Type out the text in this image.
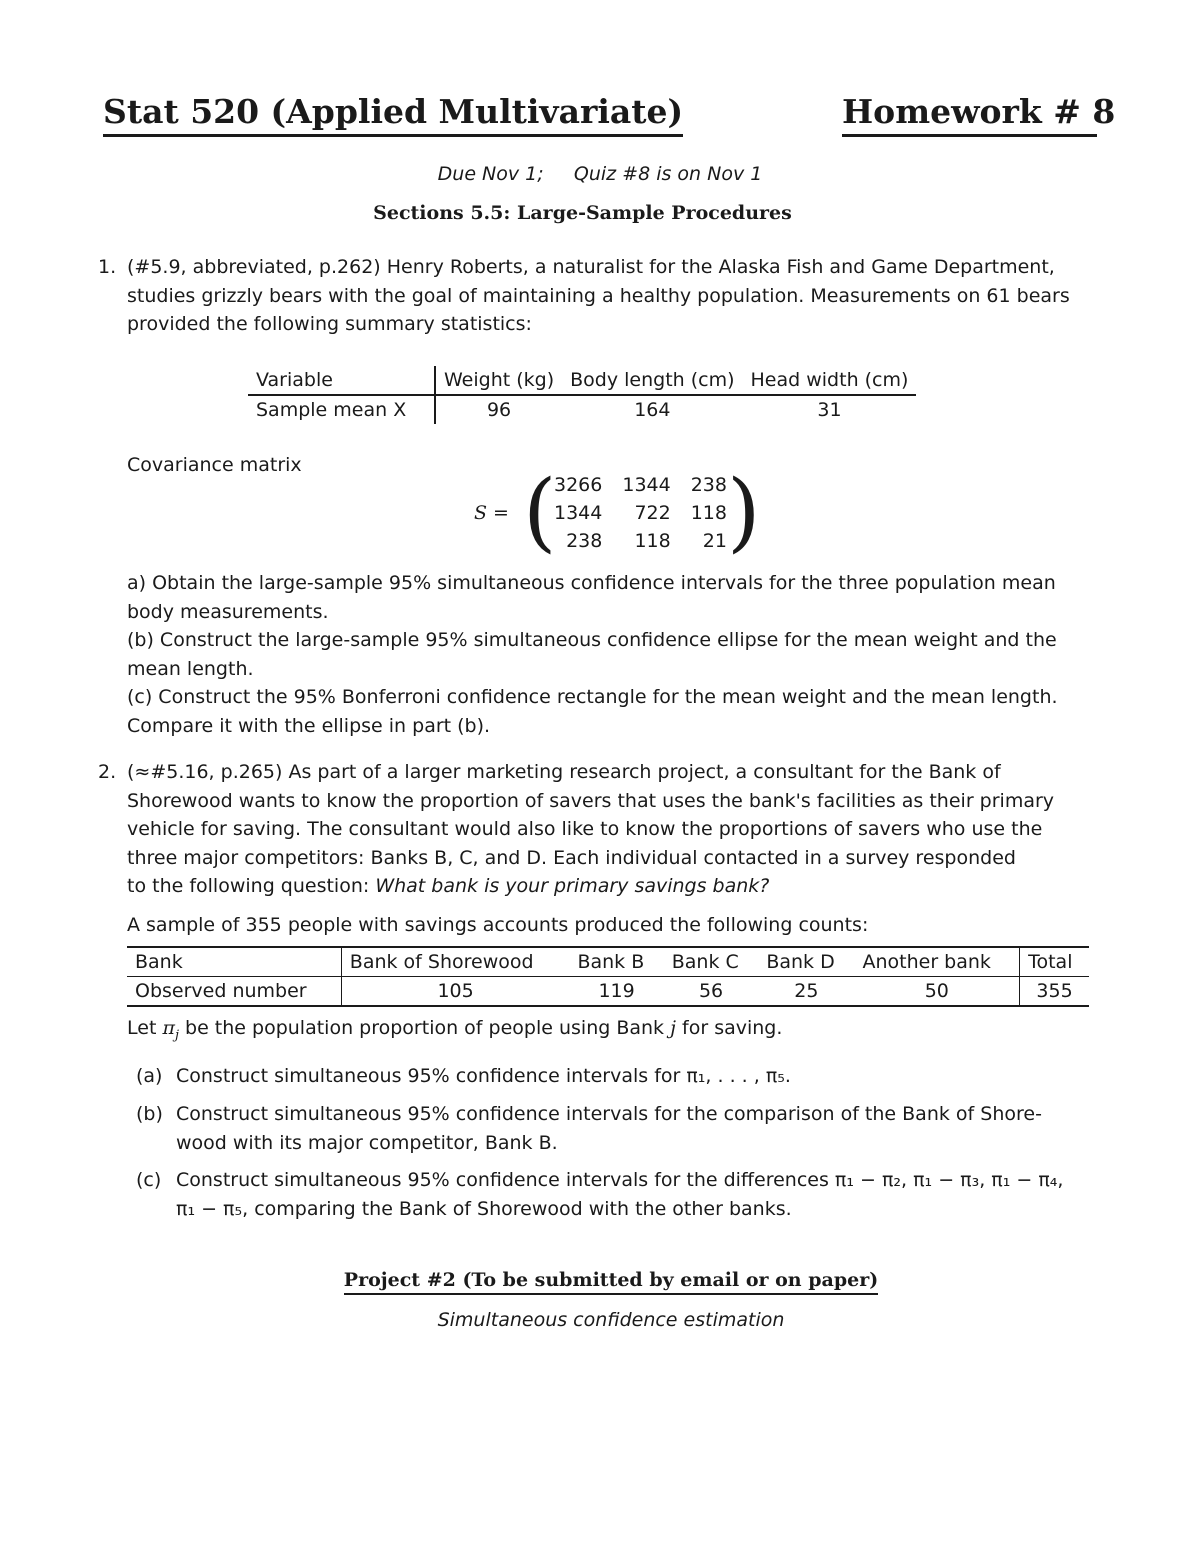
Stat 520 (Applied Multivariate)	Homework # 8
Due Nov 1; Quiz #8 is on Nov 1
Sections 5.5: Large-Sample Procedures
1. (#5.9, abbreviated, p.262) Henry Roberts, a naturalist for the Alaska Fish and Game Department,
studies grizzly bears with the goal of maintaining a healthy population. Measurements on 61 bears
provided the following summary statistics:
Variable	Weight (kg)	Body length (cm)	Head width (cm)
Sample mean X	96	164	31
Covariance matrix
S = (
3266	1344	238
1344	722	118
238	118	21 )
a) Obtain the large-sample 95% simultaneous confidence intervals for the three population mean
body measurements.
(b) Construct the large-sample 95% simultaneous confidence ellipse for the mean weight and the
mean length.
(c) Construct the 95% Bonferroni confidence rectangle for the mean weight and the mean length.
Compare it with the ellipse in part (b).
2. (≈#5.16, p.265) As part of a larger marketing research project, a consultant for the Bank of
Shorewood wants to know the proportion of savers that uses the bank's facilities as their primary
vehicle for saving. The consultant would also like to know the proportions of savers who use the
three major competitors: Banks B, C, and D. Each individual contacted in a survey responded
to the following question: What bank is your primary savings bank?
A sample of 355 people with savings accounts produced the following counts:
Bank	Bank of Shorewood	Bank B	Bank C	Bank D	Another bank	Total
Observed number	105	119	56	25	50	355
Let $\pi_j$ be the population proportion of people using Bank j for saving.
(a) Construct simultaneous 95% confidence intervals for π₁, . . . , π₅.
(b) Construct simultaneous 95% confidence intervals for the comparison of the Bank of Shore-
wood with its major competitor, Bank B.
(c) Construct simultaneous 95% confidence intervals for the differences π₁ − π₂, π₁ − π₃, π₁ − π₄,
π₁ − π₅, comparing the Bank of Shorewood with the other banks.
Project #2 (To be submitted by email or on paper)
Simultaneous confidence estimation
